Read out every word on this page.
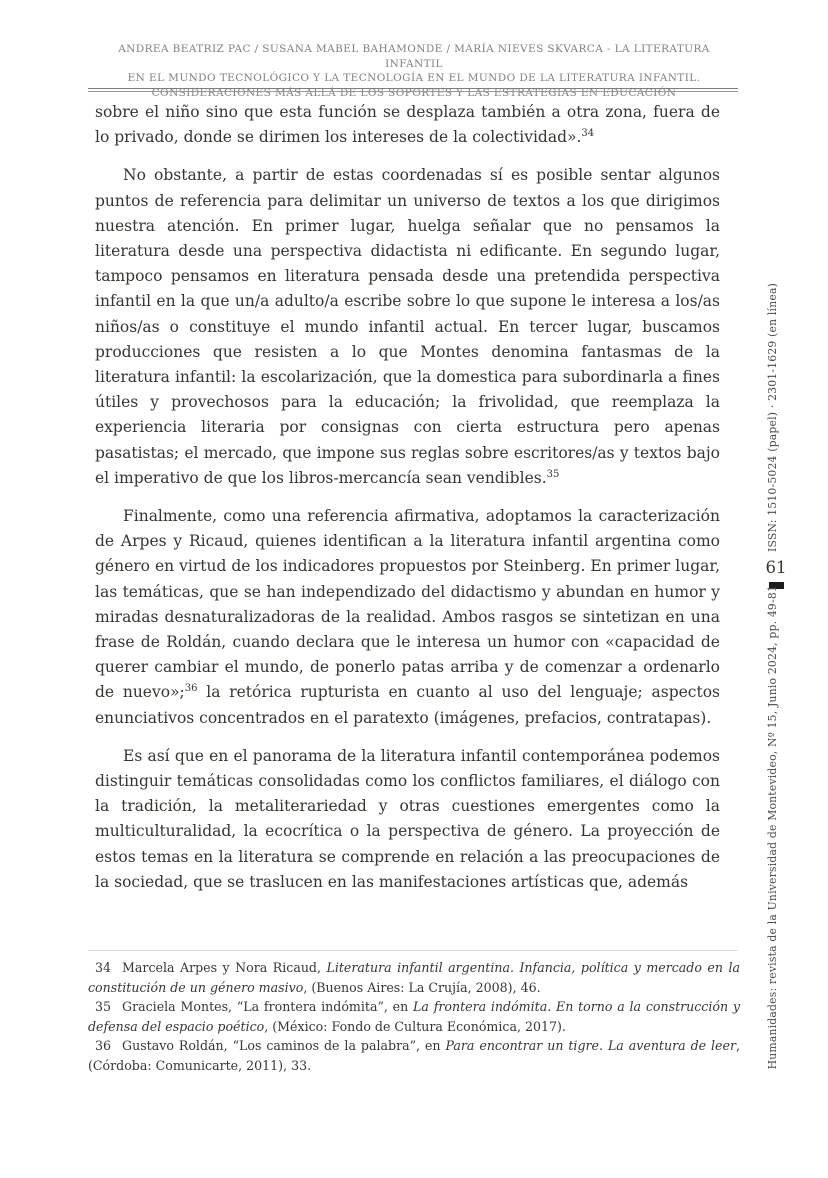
ANDREA BEATRIZ PAC / SUSANA MABEL BAHAMONDE / MARÍA NIEVES SKVARCA - LA LITERATURA INFANTIL
EN EL MUNDO TECNOLÓGICO Y LA TECNOLOGÍA EN EL MUNDO DE LA LITERATURA INFANTIL.
CONSIDERACIONES MÁS ALLÁ DE LOS SOPORTES Y LAS ESTRATEGIAS EN EDUCACIÓN

sobre el niño sino que esta función se desplaza también a otra zona, fuera de lo privado, donde se dirimen los intereses de la colectividad».$^{34}$

No obstante, a partir de estas coordenadas sí es posible sentar algunos puntos de referencia para delimitar un universo de textos a los que dirigimos nuestra atención. En primer lugar, huelga señalar que no pensamos la literatura desde una perspectiva didactista ni edificante. En segundo lugar, tampoco pensamos en literatura pensada desde una pretendida perspectiva infantil en la que un/a adulto/a escribe sobre lo que supone le interesa a los/as niños/as o constituye el mundo infantil actual. En tercer lugar, buscamos producciones que resisten a lo que Montes denomina fantasmas de la literatura infantil: la escolarización, que la domestica para subordinarla a fines útiles y provechosos para la educación; la frivolidad, que reemplaza la experiencia literaria por consignas con cierta estructura pero apenas pasatistas; el mercado, que impone sus reglas sobre escritores/as y textos bajo el imperativo de que los libros-mercancía sean vendibles.$^{35}$

Finalmente, como una referencia afirmativa, adoptamos la caracterización de Arpes y Ricaud, quienes identifican a la literatura infantil argentina como género en virtud de los indicadores propuestos por Steinberg. En primer lugar, las temáticas, que se han independizado del didactismo y abundan en humor y miradas desnaturalizadoras de la realidad. Ambos rasgos se sintetizan en una frase de Roldán, cuando declara que le interesa un humor con «capacidad de querer cambiar el mundo, de ponerlo patas arriba y de comenzar a ordenarlo de nuevo»;$^{36}$ la retórica rupturista en cuanto al uso del lenguaje; aspectos enunciativos concentrados en el paratexto (imágenes, prefacios, contratapas).

Es así que en el panorama de la literatura infantil contemporánea podemos distinguir temáticas consolidadas como los conflictos familiares, el diálogo con la tradición, la metaliterariedad y otras cuestiones emergentes como la multiculturalidad, la ecocrítica o la perspectiva de género. La proyección de estos temas en la literatura se comprende en relación a las preocupaciones de la sociedad, que se traslucen en las manifestaciones artísticas que, además

34 Marcela Arpes y Nora Ricaud, Literatura infantil argentina. Infancia, política y mercado en la constitución de un género masivo, (Buenos Aires: La Crujía, 2008), 46.

35 Graciela Montes, “La frontera indómita”, en La frontera indómita. En torno a la construcción y defensa del espacio poético, (México: Fondo de Cultura Económica, 2017).

36 Gustavo Roldán, “Los caminos de la palabra”, en Para encontrar un tigre. La aventura de leer, (Córdoba: Comunicarte, 2011), 33.

ISSN: 1510-5024 (papel) · 2301-1629 (en línea)
61
Humanidades: revista de la Universidad de Montevideo, Nº 15, Junio 2024, pp. 49-81
